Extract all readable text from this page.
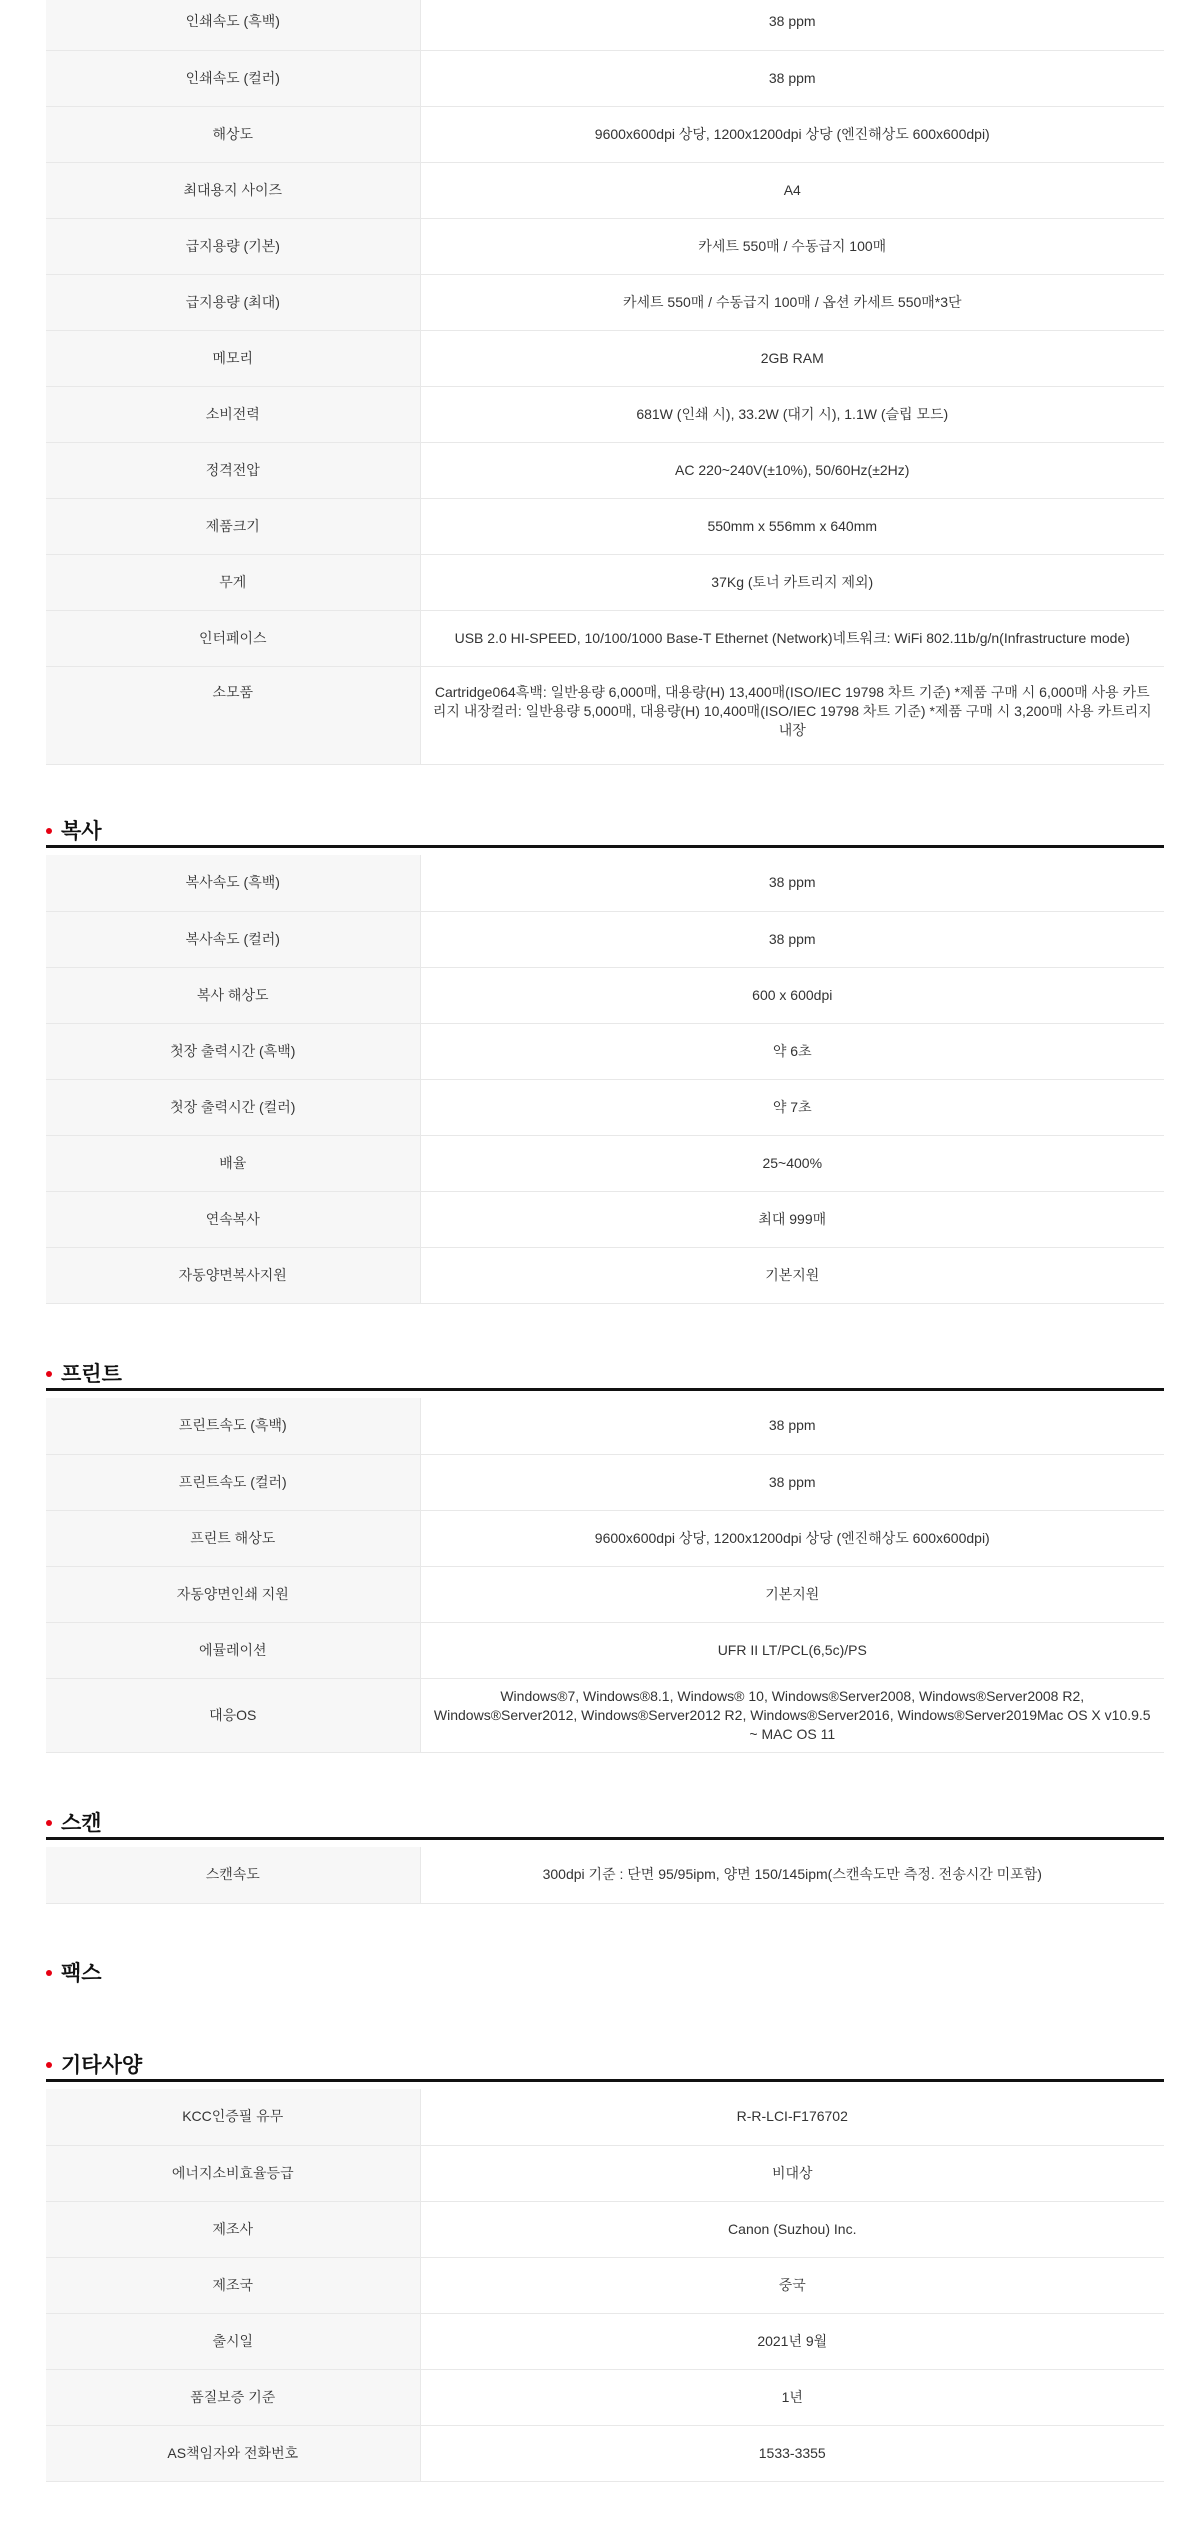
인쇄속도 (흑백)	38 ppm
인쇄속도 (컬러)	38 ppm
해상도	9600x600dpi 상당, 1200x1200dpi 상당 (엔진해상도 600x600dpi)
최대용지 사이즈	A4
급지용량 (기본)	카세트 550매 / 수동급지 100매
급지용량 (최대)	카세트 550매 / 수동급지 100매 / 옵션 카세트 550매*3단
메모리	2GB RAM
소비전력	681W (인쇄 시), 33.2W (대기 시), 1.1W (슬립 모드)
정격전압	AC 220~240V(±10%), 50/60Hz(±2Hz)
제품크기	550mm x 556mm x 640mm
무게	37Kg (토너 카트리지 제외)
인터페이스	USB 2.0 HI-SPEED, 10/100/1000 Base-T Ethernet (Network)네트워크: WiFi 802.11b/g/n(Infrastructure mode)
소모품	Cartridge064흑백: 일반용량 6,000매, 대용량(H) 13,400매(ISO/IEC 19798 차트 기준) *제품 구매 시 6,000매 사용 카트리지 내장컬러: 일반용량 5,000매, 대용량(H) 10,400매(ISO/IEC 19798 차트 기준) *제품 구매 시 3,200매 사용 카트리지 내장
복사
복사속도 (흑백)	38 ppm
복사속도 (컬러)	38 ppm
복사 해상도	600 x 600dpi
첫장 출력시간 (흑백)	약 6초
첫장 출력시간 (컬러)	약 7초
배율	25~400%
연속복사	최대 999매
자동양면복사지원	기본지원
프린트
프린트속도 (흑백)	38 ppm
프린트속도 (컬러)	38 ppm
프린트 해상도	9600x600dpi 상당, 1200x1200dpi 상당 (엔진해상도 600x600dpi)
자동양면인쇄 지원	기본지원
에뮬레이션	UFR II LT/PCL(6,5c)/PS
대응OS	Windows®7, Windows®8.1, Windows® 10, Windows®Server2008, Windows®Server2008 R2, Windows®Server2012, Windows®Server2012 R2, Windows®Server2016, Windows®Server2019Mac OS X v10.9.5 ~ MAC OS 11
스캔
스캔속도	300dpi 기준 : 단면 95/95ipm, 양면 150/145ipm(스캔속도만 측정. 전송시간 미포함)
팩스
기타사양
KCC인증필 유무	R-R-LCI-F176702
에너지소비효율등급	비대상
제조사	Canon (Suzhou) Inc.
제조국	중국
출시일	2021년 9월
품질보증 기준	1년
AS책임자와 전화번호	1533-3355
